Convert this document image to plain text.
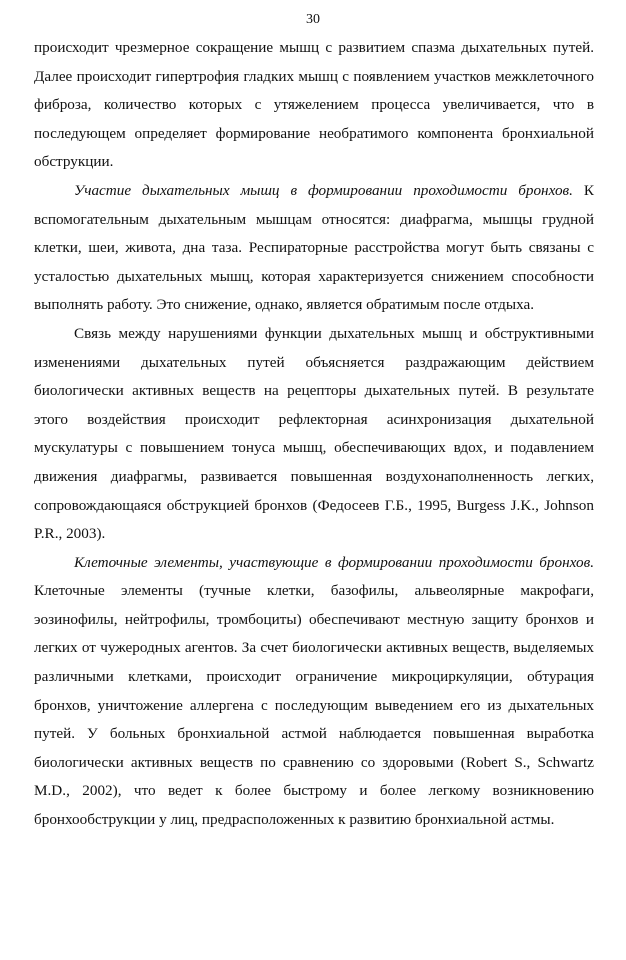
30

происходит чрезмерное сокращение мышц с развитием спазма дыхательных путей. Далее происходит гипертрофия гладких мышц с появлением участков межклеточного фиброза, количество которых с утяжелением процесса увеличивается, что в последующем определяет формирование необратимого компонента бронхиальной обструкции.

Участие дыхательных мышц в формировании проходимости бронхов. К вспомогательным дыхательным мышцам относятся: диафрагма, мышцы грудной клетки, шеи, живота, дна таза. Респираторные расстройства могут быть связаны с усталостью дыхательных мышц, которая характеризуется снижением способности выполнять работу. Это снижение, однако, является обратимым после отдыха.

Связь между нарушениями функции дыхательных мышц и обструктивными изменениями дыхательных путей объясняется раздражающим действием биологически активных веществ на рецепторы дыхательных путей. В результате этого воздействия происходит рефлекторная асинхронизация дыхательной мускулатуры с повышением тонуса мышц, обеспечивающих вдох, и подавлением движения диафрагмы, развивается повышенная воздухонаполненность легких, сопровождающаяся обструкцией бронхов (Федосеев Г.Б., 1995, Burgess J.K., Johnson P.R., 2003).

Клеточные элементы, участвующие в формировании проходимости бронхов. Клеточные элементы (тучные клетки, базофилы, альвеолярные макрофаги, эозинофилы, нейтрофилы, тромбоциты) обеспечивают местную защиту бронхов и легких от чужеродных агентов. За счет биологически активных веществ, выделяемых различными клетками, происходит ограничение микроциркуляции, обтурация бронхов, уничтожение аллергена с последующим выведением его из дыхательных путей. У больных бронхиальной астмой наблюдается повышенная выработка биологически активных веществ по сравнению со здоровыми (Robert S., Schwartz M.D., 2002), что ведет к более быстрому и более легкому возникновению бронхообструкции у лиц, предрасположенных к развитию бронхиальной астмы.
